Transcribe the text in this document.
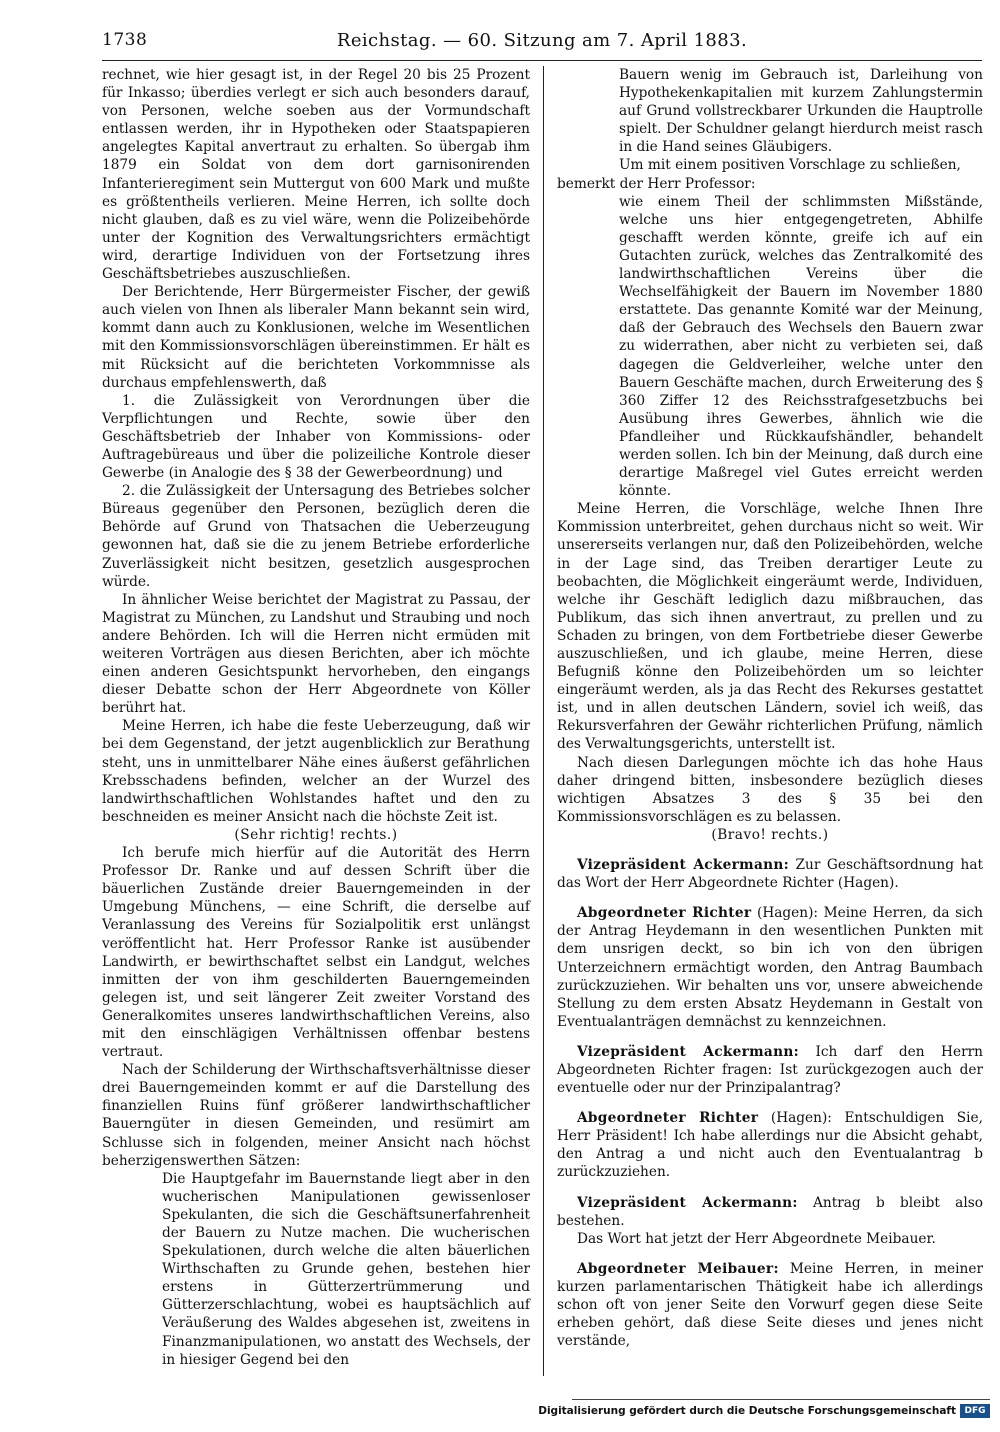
1738	Reichstag. — 60. Sitzung am 7. April 1883.

rechnet, wie hier gesagt ist, in der Regel 20 bis 25 Prozent für Inkasso; überdies verlegt er sich auch besonders darauf, von Personen, welche soeben aus der Vormundschaft entlassen werden, ihr in Hypotheken oder Staatspapieren angelegtes Kapital anvertraut zu erhalten. So übergab ihm 1879 ein Soldat von dem dort garnisonirenden Infanterieregiment sein Muttergut von 600 Mark und mußte es größtentheils verlieren. Meine Herren, ich sollte doch nicht glauben, daß es zu viel wäre, wenn die Polizeibehörde unter der Kognition des Verwaltungsrichters ermächtigt wird, derartige Individuen von der Fortsetzung ihres Geschäftsbetriebes auszuschließen.

Der Berichtende, Herr Bürgermeister Fischer, der gewiß auch vielen von Ihnen als liberaler Mann bekannt sein wird, kommt dann auch zu Konklusionen, welche im Wesentlichen mit den Kommissionsvorschlägen übereinstimmen. Er hält es mit Rücksicht auf die berichteten Vorkommnisse als durchaus empfehlenswerth, daß

1. die Zulässigkeit von Verordnungen über die Verpflichtungen und Rechte, sowie über den Geschäftsbetrieb der Inhaber von Kommissions- oder Auftragebüreaus und über die polizeiliche Kontrole dieser Gewerbe (in Analogie des § 38 der Gewerbeordnung) und

2. die Zulässigkeit der Untersagung des Betriebes solcher Büreaus gegenüber den Personen, bezüglich deren die Behörde auf Grund von Thatsachen die Ueberzeugung gewonnen hat, daß sie die zu jenem Betriebe erforderliche Zuverlässigkeit nicht besitzen, gesetzlich ausgesprochen würde.

In ähnlicher Weise berichtet der Magistrat zu Passau, der Magistrat zu München, zu Landshut und Straubing und noch andere Behörden. Ich will die Herren nicht ermüden mit weiteren Vorträgen aus diesen Berichten, aber ich möchte einen anderen Gesichtspunkt hervorheben, den eingangs dieser Debatte schon der Herr Abgeordnete von Köller berührt hat.

Meine Herren, ich habe die feste Ueberzeugung, daß wir bei dem Gegenstand, der jetzt augenblicklich zur Berathung steht, uns in unmittelbarer Nähe eines äußerst gefährlichen Krebsschadens befinden, welcher an der Wurzel des landwirthschaftlichen Wohlstandes haftet und den zu beschneiden es meiner Ansicht nach die höchste Zeit ist.

(Sehr richtig! rechts.)

Ich berufe mich hierfür auf die Autorität des Herrn Professor Dr. Ranke und auf dessen Schrift über die bäuerlichen Zustände dreier Bauerngemeinden in der Umgebung Münchens, — eine Schrift, die derselbe auf Veranlassung des Vereins für Sozialpolitik erst unlängst veröffentlicht hat. Herr Professor Ranke ist ausübender Landwirth, er bewirthschaftet selbst ein Landgut, welches inmitten der von ihm geschilderten Bauerngemeinden gelegen ist, und seit längerer Zeit zweiter Vorstand des Generalkomites unseres landwirthschaftlichen Vereins, also mit den einschlägigen Verhältnissen offenbar bestens vertraut.

Nach der Schilderung der Wirthschaftsverhältnisse dieser drei Bauerngemeinden kommt er auf die Darstellung des finanziellen Ruins fünf größerer landwirthschaftlicher Bauerngüter in diesen Gemeinden, und resümirt am Schlusse sich in folgenden, meiner Ansicht nach höchst beherzigenswerthen Sätzen:

Die Hauptgefahr im Bauernstande liegt aber in den wucherischen Manipulationen gewissenloser Spekulanten, die sich die Geschäftsunerfahrenheit der Bauern zu Nutze machen. Die wucherischen Spekulationen, durch welche die alten bäuerlichen Wirthschaften zu Grunde gehen, bestehen hier erstens in Gütterzertrümmerung und Gütterzerschlachtung, wobei es hauptsächlich auf Veräußerung des Waldes abgesehen ist, zweitens in Finanzmanipulationen, wo anstatt des Wechsels, der in hiesiger Gegend bei den

Bauern wenig im Gebrauch ist, Darleihung von Hypothekenkapitalien mit kurzem Zahlungstermin auf Grund vollstreckbarer Urkunden die Hauptrolle spielt. Der Schuldner gelangt hierdurch meist rasch in die Hand seines Gläubigers.

Um mit einem positiven Vorschlage zu schließen,

bemerkt der Herr Professor:

wie einem Theil der schlimmsten Mißstände, welche uns hier entgegengetreten, Abhilfe geschafft werden könnte, greife ich auf ein Gutachten zurück, welches das Zentralkomité des landwirthschaftlichen Vereins über die Wechselfähigkeit der Bauern im November 1880 erstattete. Das genannte Komité war der Meinung, daß der Gebrauch des Wechsels den Bauern zwar zu widerrathen, aber nicht zu verbieten sei, daß dagegen die Geldverleiher, welche unter den Bauern Geschäfte machen, durch Erweiterung des § 360 Ziffer 12 des Reichsstrafgesetzbuchs bei Ausübung ihres Gewerbes, ähnlich wie die Pfandleiher und Rückkaufshändler, behandelt werden sollen. Ich bin der Meinung, daß durch eine derartige Maßregel viel Gutes erreicht werden könnte.

Meine Herren, die Vorschläge, welche Ihnen Ihre Kommission unterbreitet, gehen durchaus nicht so weit. Wir unsererseits verlangen nur, daß den Polizeibehörden, welche in der Lage sind, das Treiben derartiger Leute zu beobachten, die Möglichkeit eingeräumt werde, Individuen, welche ihr Geschäft lediglich dazu mißbrauchen, das Publikum, das sich ihnen anvertraut, zu prellen und zu Schaden zu bringen, von dem Fortbetriebe dieser Gewerbe auszuschließen, und ich glaube, meine Herren, diese Befugniß könne den Polizeibehörden um so leichter eingeräumt werden, als ja das Recht des Rekurses gestattet ist, und in allen deutschen Ländern, soviel ich weiß, das Rekursverfahren der Gewähr richterlichen Prüfung, nämlich des Verwaltungsgerichts, unterstellt ist.

Nach diesen Darlegungen möchte ich das hohe Haus daher dringend bitten, insbesondere bezüglich dieses wichtigen Absatzes 3 des § 35 bei den Kommissionsvorschlägen es zu belassen.

(Bravo! rechts.)

Vizepräsident Ackermann: Zur Geschäftsordnung hat das Wort der Herr Abgeordnete Richter (Hagen).

Abgeordneter Richter (Hagen): Meine Herren, da sich der Antrag Heydemann in den wesentlichen Punkten mit dem unsrigen deckt, so bin ich von den übrigen Unterzeichnern ermächtigt worden, den Antrag Baumbach zurückzuziehen. Wir behalten uns vor, unsere abweichende Stellung zu dem ersten Absatz Heydemann in Gestalt von Eventualanträgen demnächst zu kennzeichnen.

Vizepräsident Ackermann: Ich darf den Herrn Abgeordneten Richter fragen: Ist zurückgezogen auch der eventuelle oder nur der Prinzipalantrag?

Abgeordneter Richter (Hagen): Entschuldigen Sie, Herr Präsident! Ich habe allerdings nur die Absicht gehabt, den Antrag a und nicht auch den Eventualantrag b zurückzuziehen.

Vizepräsident Ackermann: Antrag b bleibt also bestehen.

Das Wort hat jetzt der Herr Abgeordnete Meibauer.

Abgeordneter Meibauer: Meine Herren, in meiner kurzen parlamentarischen Thätigkeit habe ich allerdings schon oft von jener Seite den Vorwurf gegen diese Seite erheben gehört, daß diese Seite dieses und jenes nicht verstände,

Digitalisierung gefördert durch die Deutsche Forschungsgemeinschaft DFG
